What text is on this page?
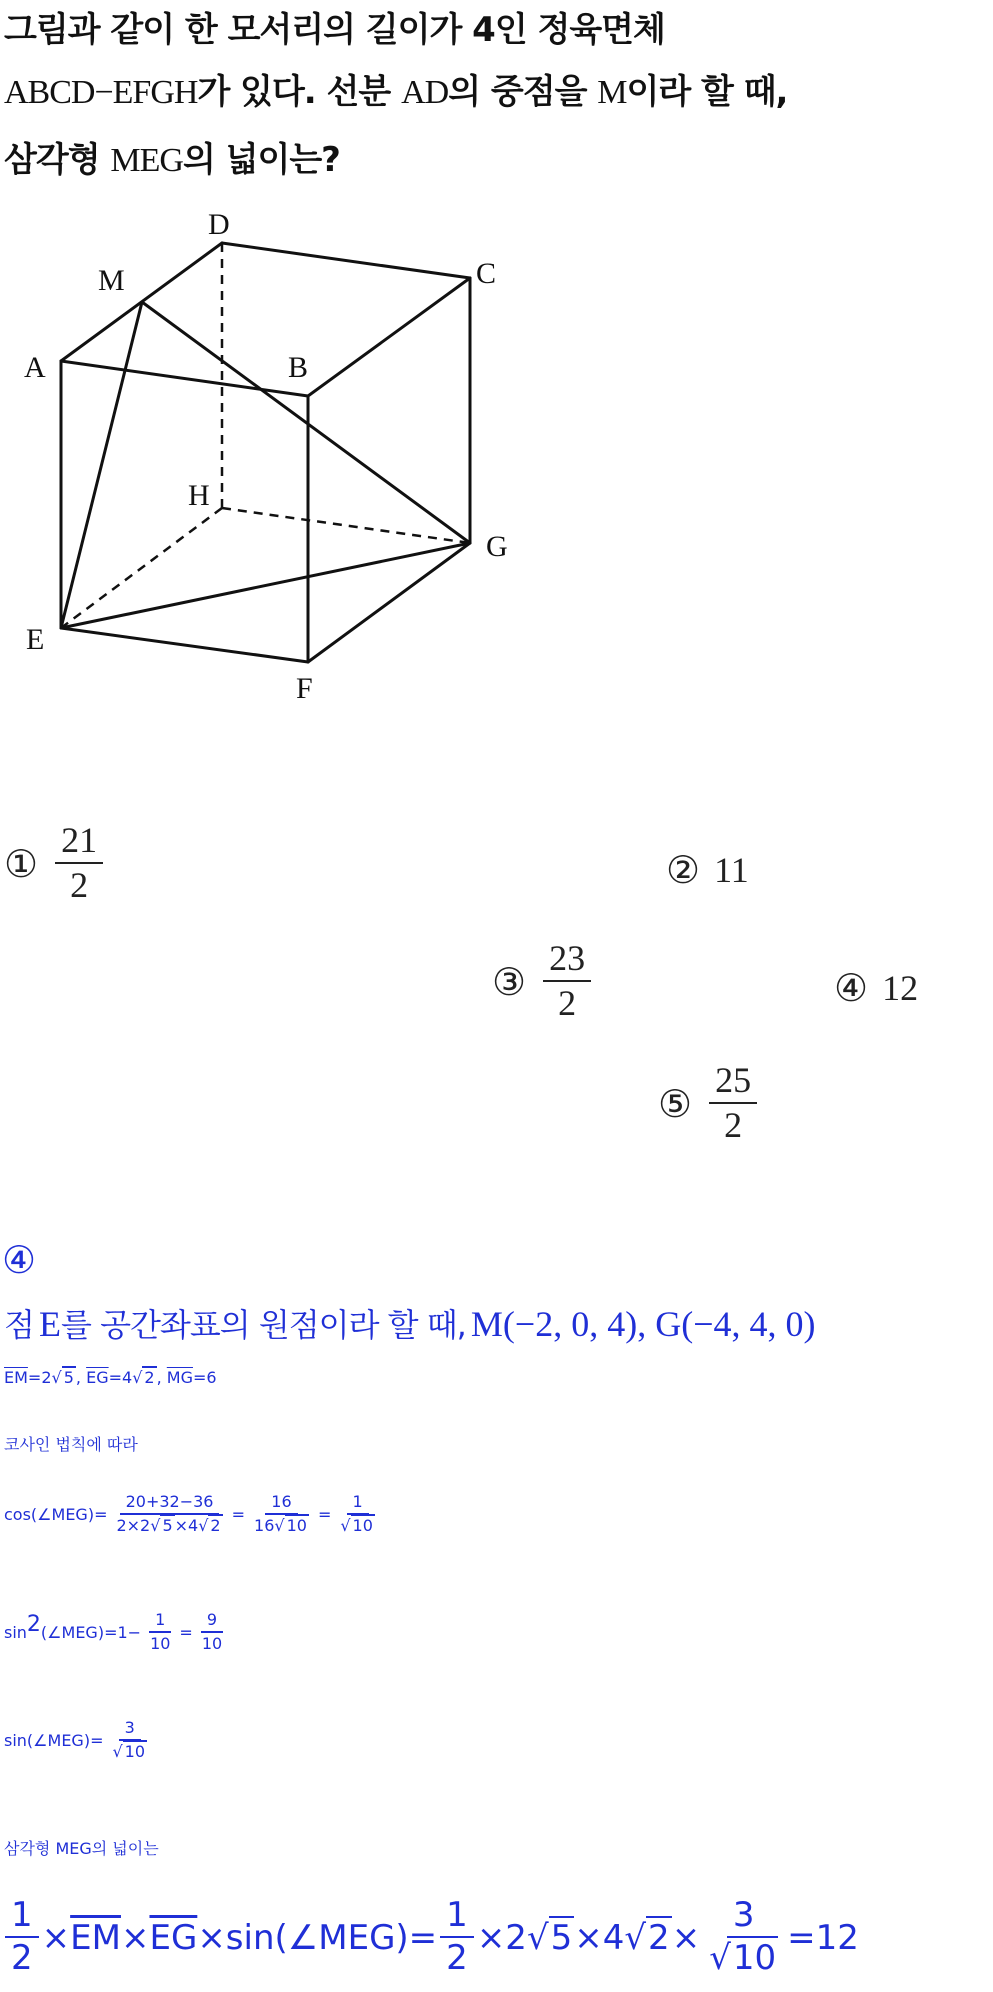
그림과 같이 한 모서리의 길이가 4인 정육면체
ABCD−EFGH가 있다. 선분 AD의 중점을 M이라 할 때,
삼각형 MEG의 넓이는?
D
M	C
A	B
H
G
E
F
① $\frac{21}{2}$	② 11
③ $\frac{23}{2}$	④ 12
⑤ $\frac{25}{2}$
④
점 E를 공간좌표의 원점이라 할 때, M(−2, 0, 4), G(−4, 4, 0)
$\overline{EM}=2√$ 5 , $\overline{EG}=4√$ 2 , $\overline{MG}=6$
코사인 법칙에 따라
cos(∠MEG)= $\frac{20+32-36}{2\times 2√ 5 \times 4√ 2} = \frac{16}{16√ 10} = \frac{1}{√ 10}$
sin 2 (∠MEG)=1− $\frac{1}{10} = \frac{9}{10}$
sin(∠MEG)= $\frac{3}{√ 10}$
삼각형 MEG의 넓이는
$\frac{1}{2} \times \overline{EM} \times \overline{EG}$ ×sin(∠MEG)= $\frac{1}{2} \times 2$ √5 ×4 $√2 \times \frac{3}{√10} =12$
